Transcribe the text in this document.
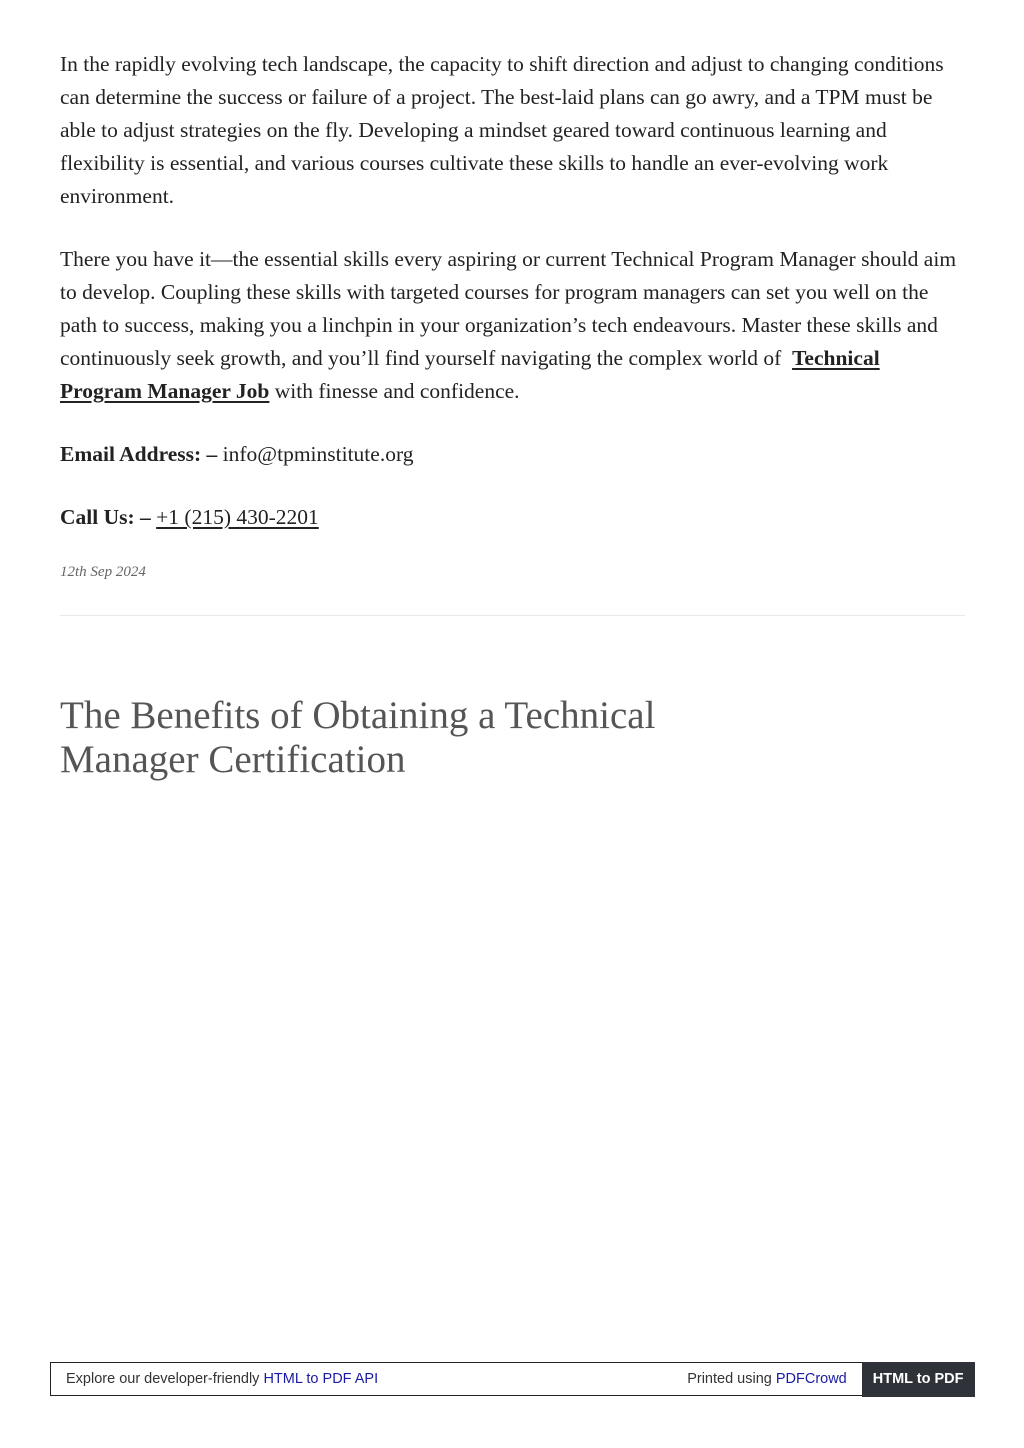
In the rapidly evolving tech landscape, the capacity to shift direction and adjust to changing conditions can determine the success or failure of a project. The best-laid plans can go awry, and a TPM must be able to adjust strategies on the fly. Developing a mindset geared toward continuous learning and flexibility is essential, and various courses cultivate these skills to handle an ever-evolving work environment.

There you have it—the essential skills every aspiring or current Technical Program Manager should aim to develop. Coupling these skills with targeted courses for program managers can set you well on the path to success, making you a linchpin in your organization’s tech endeavours. Master these skills and continuously seek growth, and you’ll find yourself navigating the complex world of  Technical Program Manager Job with finesse and confidence.

Email Address: – info@tpminstitute.org

Call Us: – +1 (215) 430-2201

12th Sep 2024

The Benefits of Obtaining a Technical Manager Certification
Explore our developer-friendly HTML to PDF API	Printed using PDFCrowd	HTML to PDF
